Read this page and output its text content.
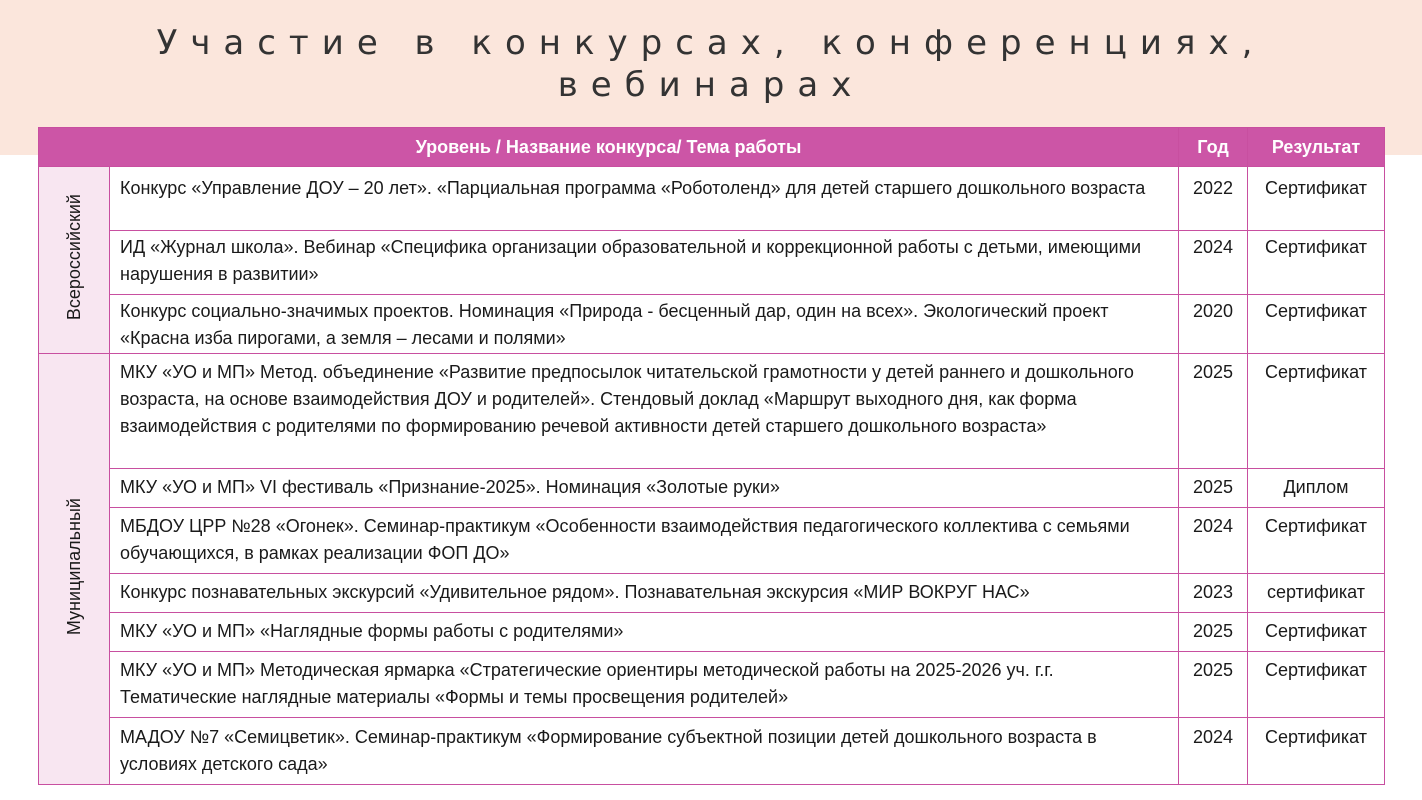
Участие в конкурсах, конференциях,
вебинарах
Уровень / Название конкурса/ Тема работы		Год	Результат
Всероссийский	Конкурс «Управление ДОУ – 20 лет». «Парциальная программа «Роботоленд» для детей старшего дошкольного возраста	2022	Сертификат
	ИД «Журнал школа». Вебинар «Специфика организации образовательной и коррекционной работы с детьми, имеющими нарушения в развитии»	2024	Сертификат
	Конкурс социально-значимых проектов. Номинация «Природа - бесценный дар, один на всех». Экологический проект «Красна изба пирогами, а земля – лесами и полями»	2020	Сертификат
Муниципальный	МКУ «УО и МП» Метод. объединение «Развитие предпосылок читательской грамотности у детей раннего и дошкольного возраста, на основе взаимодействия ДОУ и родителей». Стендовый доклад «Маршрут выходного дня, как форма взаимодействия с родителями по формированию речевой активности детей старшего дошкольного возраста»	2025	Сертификат
	МКУ «УО и МП» VI фестиваль «Признание-2025». Номинация «Золотые руки»	2025	Диплом
	МБДОУ ЦРР №28 «Огонек». Семинар-практикум «Особенности взаимодействия педагогического коллектива с семьями обучающихся, в рамках реализации ФОП ДО»	2024	Сертификат
	Конкурс познавательных экскурсий «Удивительное рядом». Познавательная экскурсия «МИР ВОКРУГ НАС»	2023	сертификат
	МКУ «УО и МП» «Наглядные формы работы с родителями»	2025	Сертификат
	МКУ «УО и МП» Методическая ярмарка «Стратегические ориентиры методической работы на 2025-2026 уч. г.г. Тематические наглядные материалы «Формы и темы просвещения родителей»	2025	Сертификат
	МАДОУ №7 «Семицветик». Семинар-практикум «Формирование субъектной позиции детей дошкольного возраста в условиях детского сада»	2024	Сертификат
